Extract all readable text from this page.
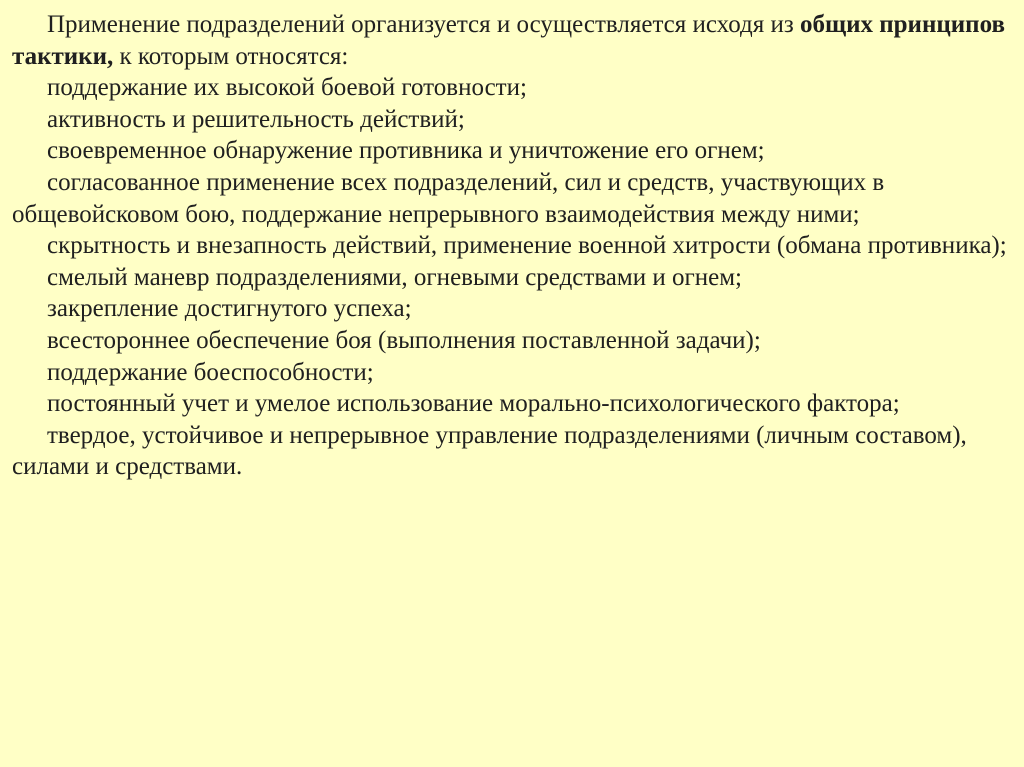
Применение подразделений организуется и осуществляется исходя из общих принципов тактики, к которым относятся:

поддержание их высокой боевой готовности;

активность и решительность действий;

своевременное обнаружение противника и уничтожение его огнем;

согласованное применение всех подразделений, сил и средств, участвующих в общевойсковом бою, поддержание непрерывного взаимодействия между ними;

скрытность и внезапность действий, применение военной хитрости (обмана противника);

смелый маневр подразделениями, огневыми средствами и огнем;

закрепление достигнутого успеха;

всестороннее обеспечение боя (выполнения поставленной задачи);

поддержание боеспособности;

постоянный учет и умелое использование морально-психологического фактора;

твердое, устойчивое и непрерывное управление подразделениями (личным составом), силами и средствами.
